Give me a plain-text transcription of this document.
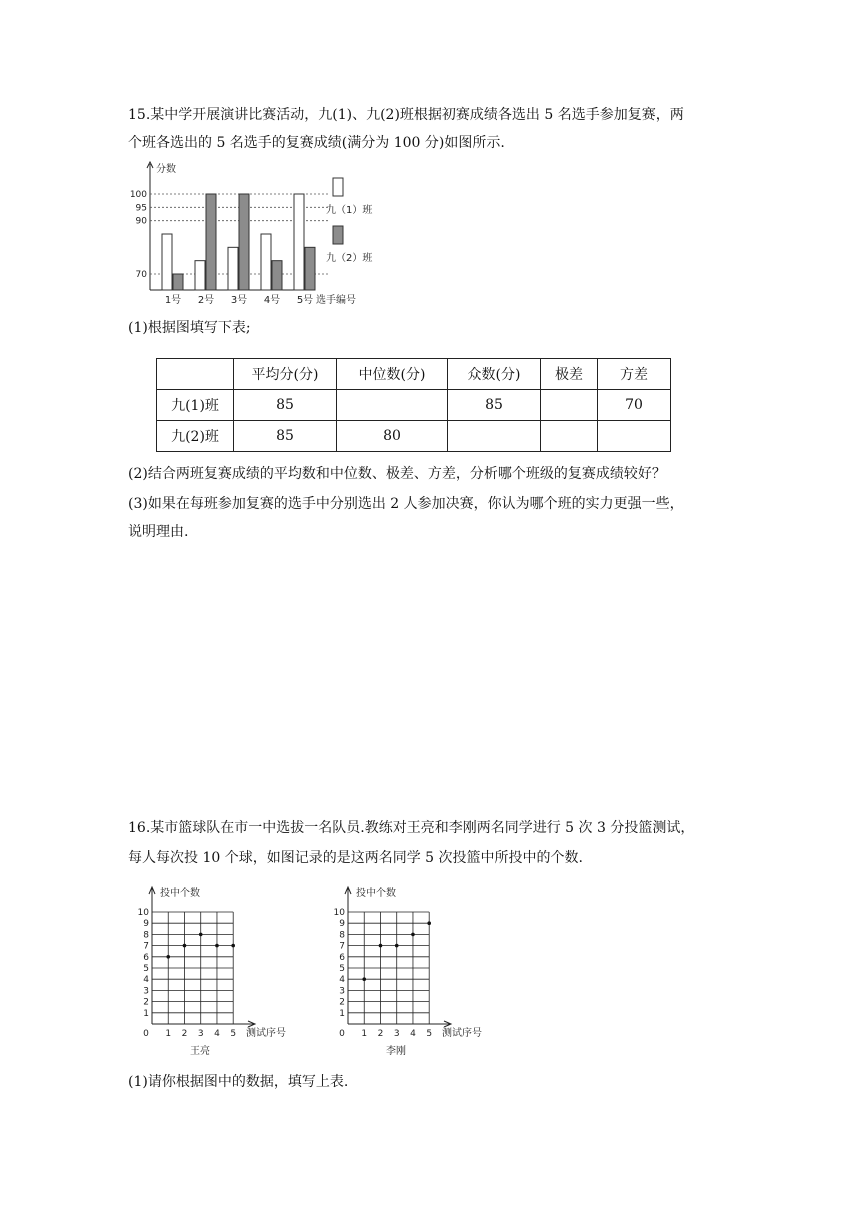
15.某中学开展演讲比赛活动，九(1)、九(2)班根据初赛成绩各选出 5 名选手参加复赛，两

个班各选出的 5 名选手的复赛成绩(满分为 100 分)如图所示.

分数
选手编号
70
90
95
100
1号 2号 3号 4号 5号
九（1）班
九（2）班

(1)根据图填写下表;

	平均分(分)	中位数(分)	众数(分)	极差	方差
九(1)班	85		85		70
九(2)班	85	80			

(2)结合两班复赛成绩的平均数和中位数、极差、方差，分析哪个班级的复赛成绩较好？

(3)如果在每班参加复赛的选手中分别选出 2 人参加决赛，你认为哪个班的实力更强一些，

说明理由.

16.某市篮球队在市一中选拔一名队员.教练对王亮和李刚两名同学进行 5 次 3 分投篮测试，

每人每次投 10 个球，如图记录的是这两名同学 5 次投篮中所投中的个数.

投中个数
测试序号
王亮
1
2
3
4
5
6
7
8
9
10
0 1 2 3 4 5
投中个数
测试序号
李刚
1
2
3
4
5
6
7
8
9
10
0 1 2 3 4 5

(1)请你根据图中的数据，填写上表.
